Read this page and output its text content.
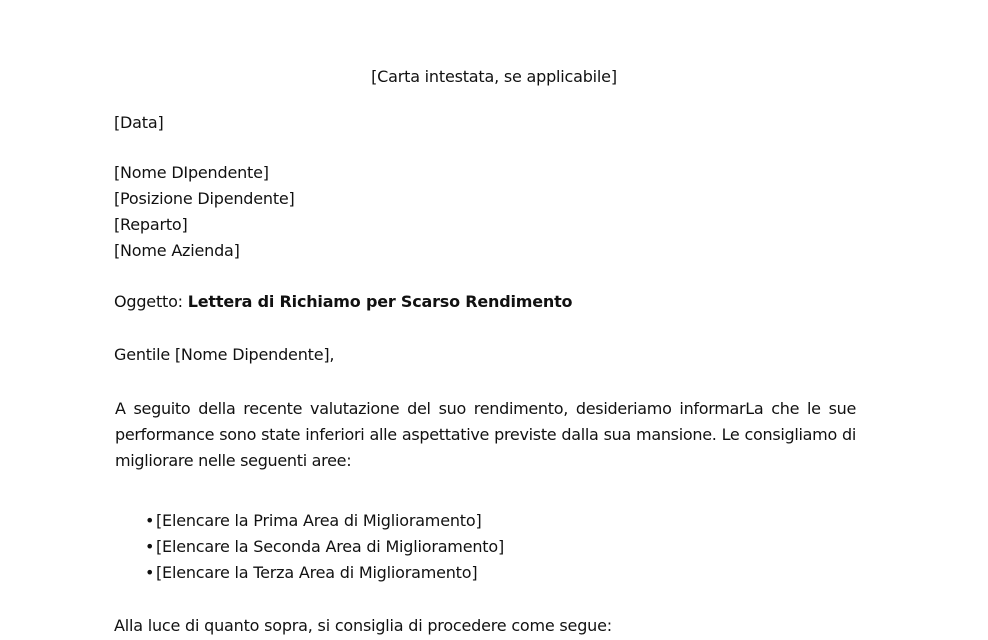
[Carta intestata, se applicabile]
[Data]
[Nome DIpendente]
[Posizione Dipendente]
[Reparto]
[Nome Azienda]
Oggetto: Lettera di Richiamo per Scarso Rendimento
Gentile [Nome Dipendente],
A seguito della recente valutazione del suo rendimento, desideriamo informarLa che le sue performance sono state inferiori alle aspettative previste dalla sua mansione. Le consigliamo di migliorare nelle seguenti aree:
• [Elencare la Prima Area di Miglioramento]
• [Elencare la Seconda Area di Miglioramento]
• [Elencare la Terza Area di Miglioramento]
Alla luce di quanto sopra, si consiglia di procedere come segue:
